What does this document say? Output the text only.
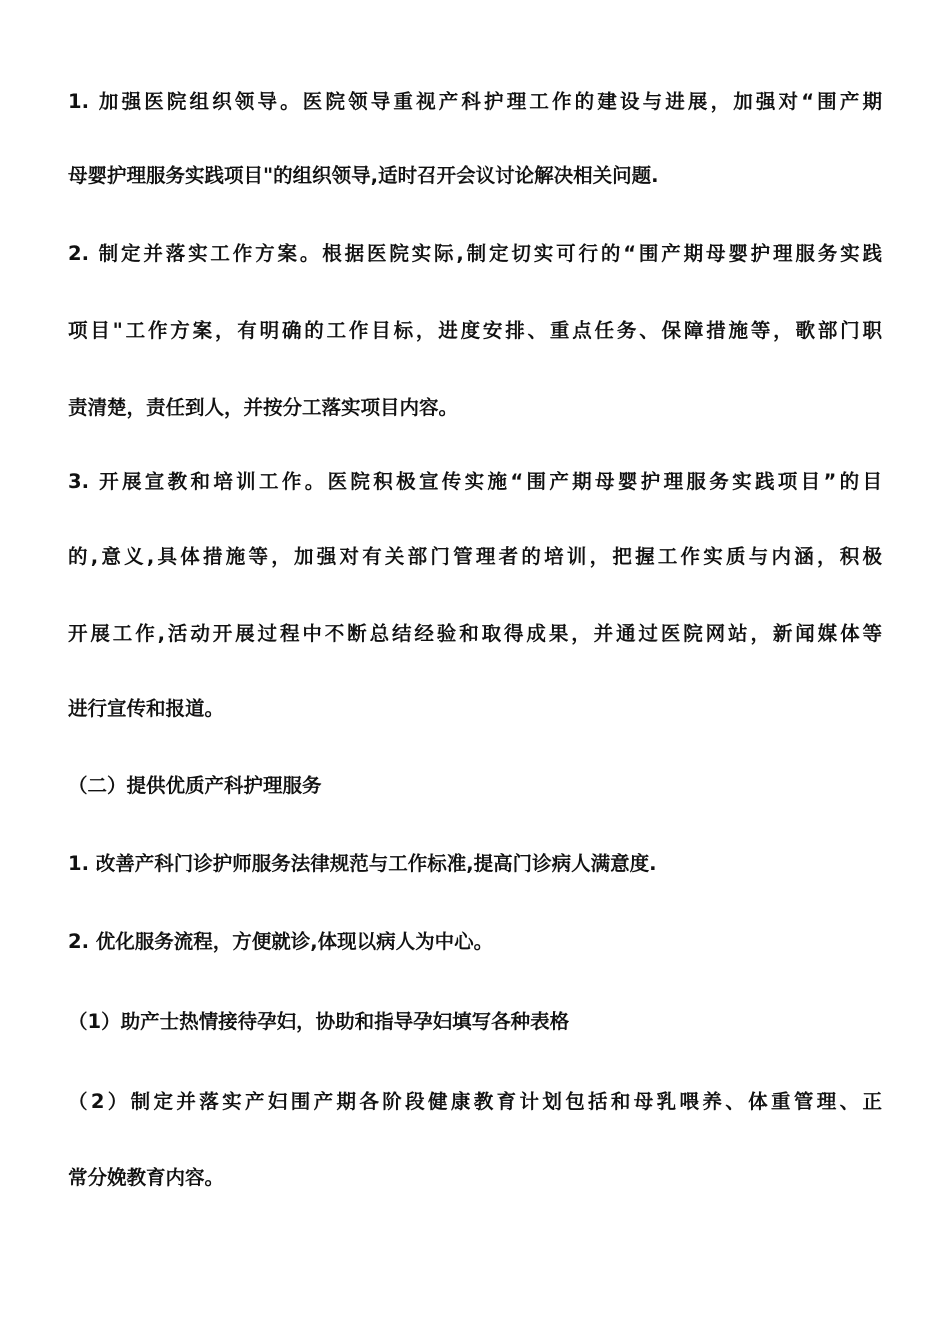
1. 加强医院组织领导。医院领导重视产科护理工作的建设与进展，加强对“围产期
母婴护理服务实践项目"的组织领导,适时召开会议讨论解决相关问题.
2. 制定并落实工作方案。根据医院实际,制定切实可行的“围产期母婴护理服务实践
项目"工作方案，有明确的工作目标，进度安排、重点任务、保障措施等，歌部门职
责清楚，责任到人，并按分工落实项目内容。
3. 开展宣教和培训工作。医院积极宣传实施“围产期母婴护理服务实践项目”的目
的,意义,具体措施等，加强对有关部门管理者的培训，把握工作实质与内涵，积极
开展工作,活动开展过程中不断总结经验和取得成果，并通过医院网站，新闻媒体等
进行宣传和报道。
（二）提供优质产科护理服务
1. 改善产科门诊护师服务法律规范与工作标准,提高门诊病人满意度.
2. 优化服务流程，方便就诊,体现以病人为中心。
（1）助产士热情接待孕妇，协助和指导孕妇填写各种表格
（2）制定并落实产妇围产期各阶段健康教育计划包括和母乳喂养、体重管理、正
常分娩教育内容。
